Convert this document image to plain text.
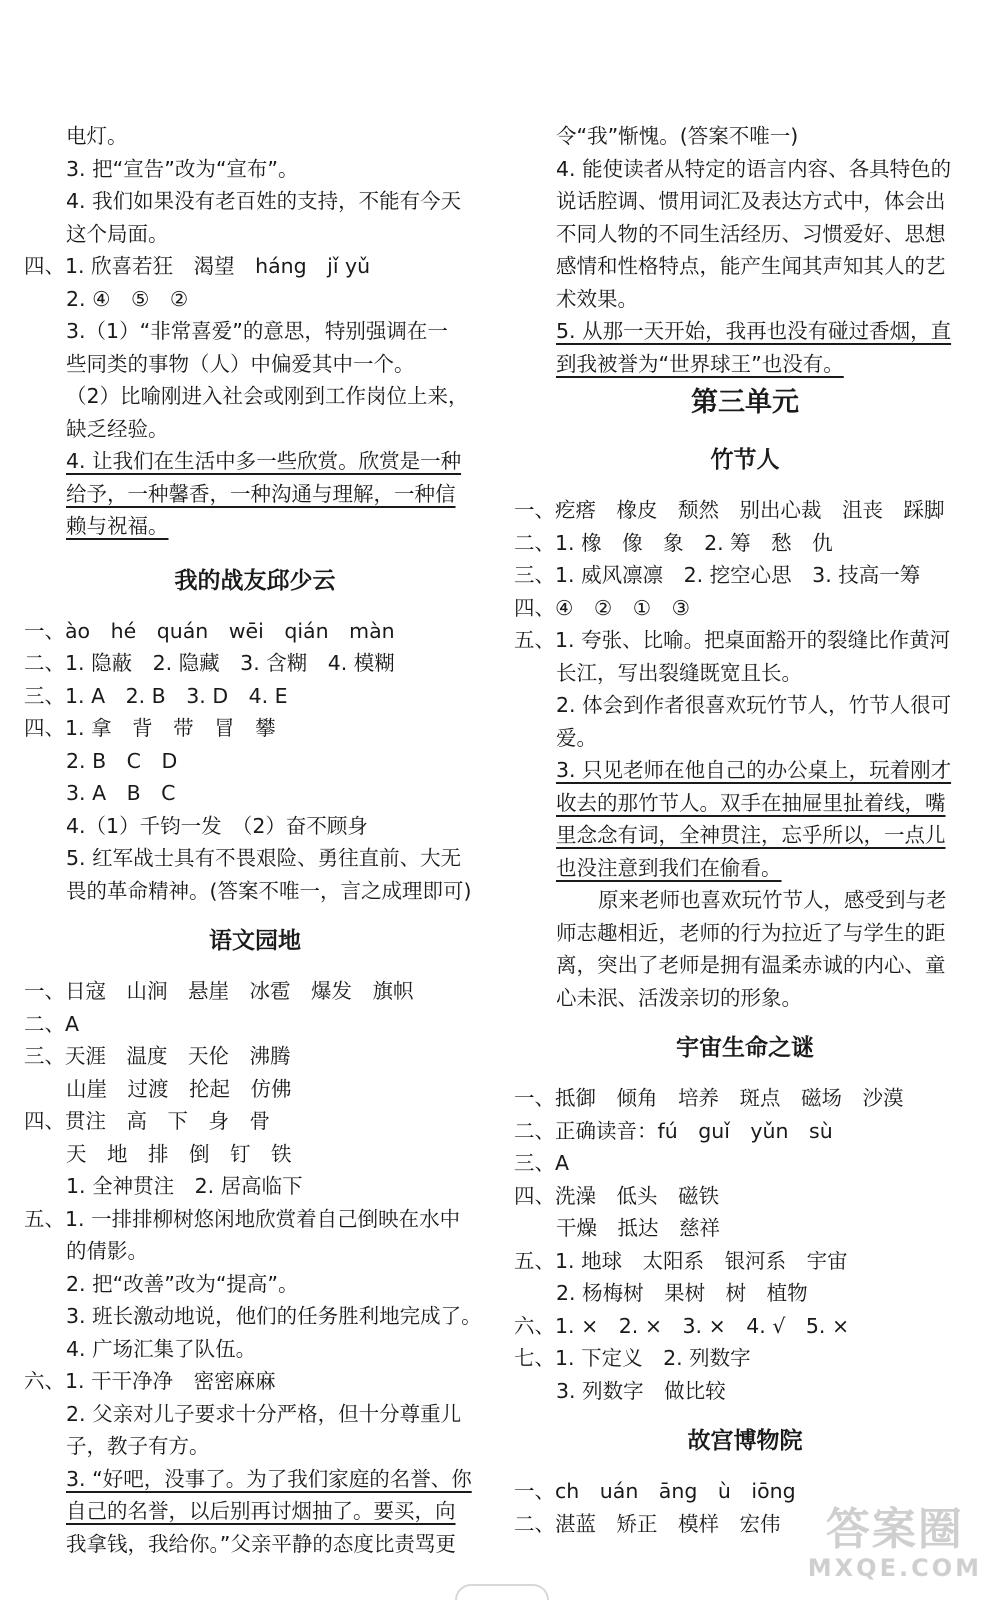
电灯。
3. 把“宣告”改为“宣布”。
4. 我们如果没有老百姓的支持，不能有今天
这个局面。
四、1. 欣喜若狂　渴望　háng　jǐ yǔ
2. ④　⑤　②
3.（1）“非常喜爱”的意思，特别强调在一
些同类的事物（人）中偏爱其中一个。
（2）比喻刚进入社会或刚到工作岗位上来，
缺乏经验。
4. 让我们在生活中多一些欣赏。欣赏是一种
给予，一种馨香，一种沟通与理解，一种信
赖与祝福。
我的战友邱少云
一、ào　hé　quán　wēi　qián　màn
二、1. 隐蔽　2. 隐藏　3. 含糊　4. 模糊
三、1. A　2. B　3. D　4. E
四、1. 拿　背　带　冒　攀
2. B　C　D
3. A　B　C
4.（1）千钧一发　（2）奋不顾身
5. 红军战士具有不畏艰险、勇往直前、大无
畏的革命精神。(答案不唯一，言之成理即可)
语文园地
一、日寇　山涧　悬崖　冰雹　爆发　旗帜
二、A
三、天涯　温度　天伦　沸腾
山崖　过渡　抡起　仿佛
四、贯注　高　下　身　骨
天　地　排　倒　钉　铁
1. 全神贯注　2. 居高临下
五、1. 一排排柳树悠闲地欣赏着自己倒映在水中
的倩影。
2. 把“改善”改为“提高”。
3. 班长激动地说，他们的任务胜利地完成了。
4. 广场汇集了队伍。
六、1. 干干净净　密密麻麻
2. 父亲对儿子要求十分严格，但十分尊重儿
子，教子有方。
3. “好吧，没事了。为了我们家庭的名誉、你
自己的名誉，以后别再讨烟抽了。要买，向
我拿钱，我给你。”父亲平静的态度比责骂更
令“我”惭愧。(答案不唯一)
4. 能使读者从特定的语言内容、各具特色的
说话腔调、惯用词汇及表达方式中，体会出
不同人物的不同生活经历、习惯爱好、思想
感情和性格特点，能产生闻其声知其人的艺
术效果。
5. 从那一天开始，我再也没有碰过香烟，直
到我被誉为“世界球王”也没有。
第三单元
竹节人
一、疙瘩　橡皮　颓然　别出心裁　沮丧　踩脚
二、1. 橡　像　象　2. 筹　愁　仇
三、1. 威风凛凛　2. 挖空心思　3. 技高一筹
四、④　②　①　③
五、1. 夸张、比喻。把桌面豁开的裂缝比作黄河
长江，写出裂缝既宽且长。
2. 体会到作者很喜欢玩竹节人，竹节人很可
爱。
3. 只见老师在他自己的办公桌上，玩着刚才
收去的那竹节人。双手在抽屉里扯着线，嘴
里念念有词，全神贯注，忘乎所以，一点儿
也没注意到我们在偷看。
原来老师也喜欢玩竹节人，感受到与老
师志趣相近，老师的行为拉近了与学生的距
离，突出了老师是拥有温柔赤诚的内心、童
心未泯、活泼亲切的形象。
宇宙生命之谜
一、抵御　倾角　培养　斑点　磁场　沙漠
二、正确读音：fú　guǐ　yǔn　sù
三、A
四、洗澡　低头　磁铁
干燥　抵达　慈祥
五、1. 地球　太阳系　银河系　宇宙
2. 杨梅树　果树　树　植物
六、1. ×　2. ×　3. ×　4. √　5. ×
七、1. 下定义　2. 列数字
3. 列数字　做比较
故宫博物院
一、ch　uán　āng　ù　iōng
二、湛蓝　矫正　模样　宏伟	答案圈
MXQE.COM
